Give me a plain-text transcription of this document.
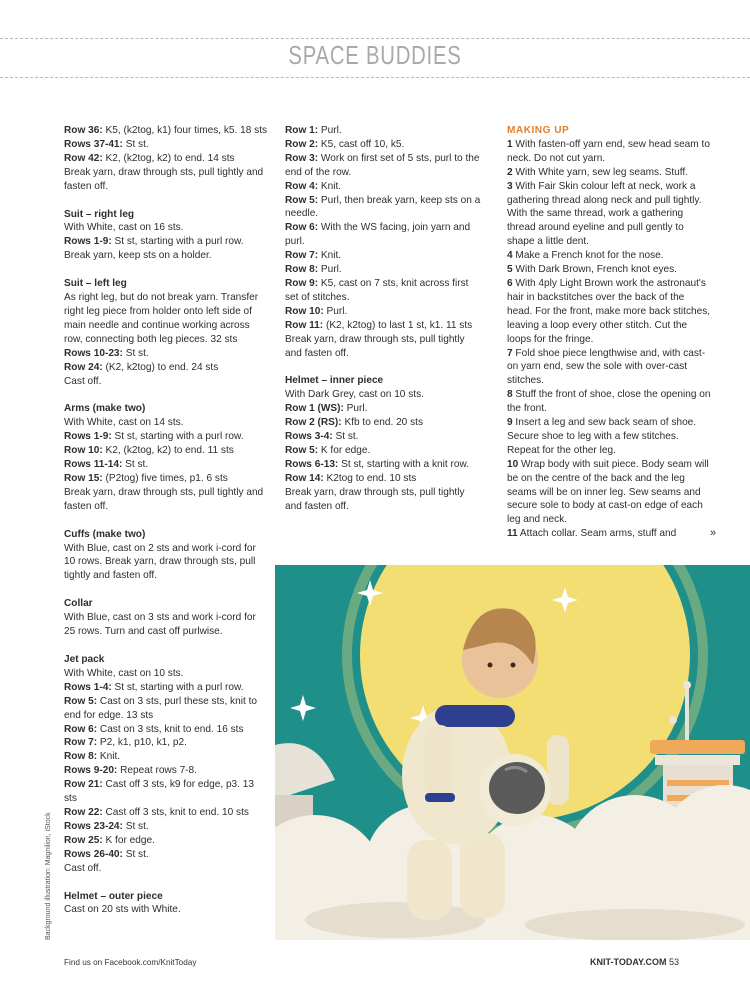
SPACE BUDDIES

Row 36: K5, (k2tog, k1) four times, k5. 18 sts

Rows 37-41: St st.

Row 42: K2, (k2tog, k2) to end. 14 sts

Break yarn, draw through sts, pull tightly and fasten off.

Suit – right leg

With White, cast on 16 sts.

Rows 1-9: St st, starting with a purl row.

Break yarn, keep sts on a holder.

Suit – left leg

As right leg, but do not break yarn. Transfer right leg piece from holder onto left side of main needle and continue working across row, connecting both leg pieces. 32 sts

Rows 10-23: St st.

Row 24: (K2, k2tog) to end. 24 sts

Cast off.

Arms (make two)

With White, cast on 14 sts.

Rows 1-9: St st, starting with a purl row.

Row 10: K2, (k2tog, k2) to end. 11 sts

Rows 11-14: St st.

Row 15: (P2tog) five times, p1. 6 sts

Break yarn, draw through sts, pull tightly and fasten off.

Cuffs (make two)

With Blue, cast on 2 sts and work i-cord for 10 rows. Break yarn, draw through sts, pull tightly and fasten off.

Collar

With Blue, cast on 3 sts and work i-cord for 25 rows. Turn and cast off purlwise.

Jet pack

With White, cast on 10 sts.

Rows 1-4: St st, starting with a purl row.

Row 5: Cast on 3 sts, purl these sts, knit to end for edge. 13 sts

Row 6: Cast on 3 sts, knit to end. 16 sts

Row 7: P2, k1, p10, k1, p2.

Row 8: Knit.

Rows 9-20: Repeat rows 7-8.

Row 21: Cast off 3 sts, k9 for edge, p3. 13 sts

Row 22: Cast off 3 sts, knit to end. 10 sts

Rows 23-24: St st.

Row 25: K for edge.

Rows 26-40: St st.

Cast off.

Helmet – outer piece

Cast on 20 sts with White.

Row 1: Purl.

Row 2: K5, cast off 10, k5.

Row 3: Work on first set of 5 sts, purl to the end of the row.

Row 4: Knit.

Row 5: Purl, then break yarn, keep sts on a needle.

Row 6: With the WS facing, join yarn and purl.

Row 7: Knit.

Row 8: Purl.

Row 9: K5, cast on 7 sts, knit across first set of stitches.

Row 10: Purl.

Row 11: (K2, k2tog) to last 1 st, k1. 11 sts

Break yarn, draw through sts, pull tightly and fasten off.

Helmet – inner piece

With Dark Grey, cast on 10 sts.

Row 1 (WS): Purl.

Row 2 (RS): Kfb to end. 20 sts

Rows 3-4: St st.

Row 5: K for edge.

Rows 6-13: St st, starting with a knit row.

Row 14: K2tog to end. 10 sts

Break yarn, draw through sts, pull tightly and fasten off.

MAKING UP

1 With fasten-off yarn end, sew head seam to neck. Do not cut yarn.

2 With White yarn, sew leg seams. Stuff.

3 With Fair Skin colour left at neck, work a gathering thread along neck and pull tightly. With the same thread, work a gathering thread around eyeline and pull gently to shape a little dent.

4 Make a French knot for the nose.

5 With Dark Brown, French knot eyes.

6 With 4ply Light Brown work the astronaut's hair in backstitches over the back of the head. For the front, make more back stitches, leaving a loop every other stitch. Cut the loops for the fringe.

7 Fold shoe piece lengthwise and, with cast-on yarn end, sew the sole with over-cast stitches.

8 Stuff the front of shoe, close the opening on the front.

9 Insert a leg and sew back seam of shoe. Secure shoe to leg with a few stitches. Repeat for the other leg.

10 Wrap body with suit piece. Body seam will be on the centre of the back and the leg seams will be on inner leg. Sew seams and secure sole to body at cast-on edge of each leg and neck.

11 Attach collar. Seam arms, stuff and	»
Background illustration: Magnilion, iStock
Find us on Facebook.com/KnitToday	KNIT-TODAY.COM 53
